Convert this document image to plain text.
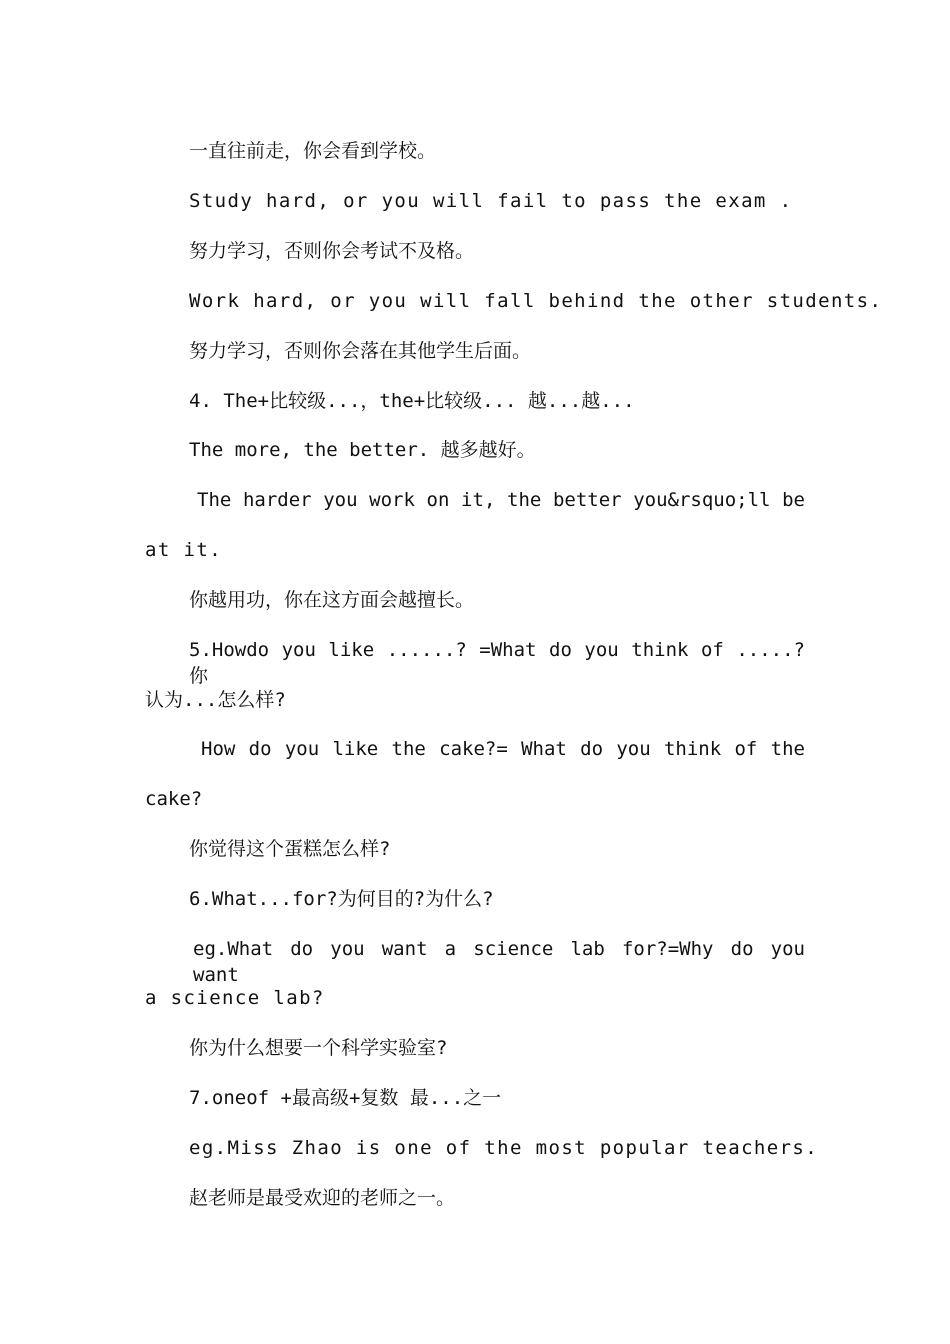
一直往前走，你会看到学校。
Study hard, or you will fail to pass the exam .
努力学习，否则你会考试不及格。
Work hard, or you will fall behind the other students.
努力学习，否则你会落在其他学生后面。
4. The+比较级...，the+比较级... 越...越...
The more, the better. 越多越好。
The harder you work on it, the better you&rsquo;ll be
at it.
你越用功，你在这方面会越擅长。
5.Howdo you like ......? =What do you think of .....?你
认为...怎么样?
How do you like the cake?= What do you think of the
cake?
你觉得这个蛋糕怎么样?
6.What...for?为何目的?为什么?
eg.What do you want a science lab for?=Why do you want
a science lab?
你为什么想要一个科学实验室?
7.oneof +最高级+复数 最...之一
eg.Miss Zhao is one of the most popular teachers.
赵老师是最受欢迎的老师之一。
